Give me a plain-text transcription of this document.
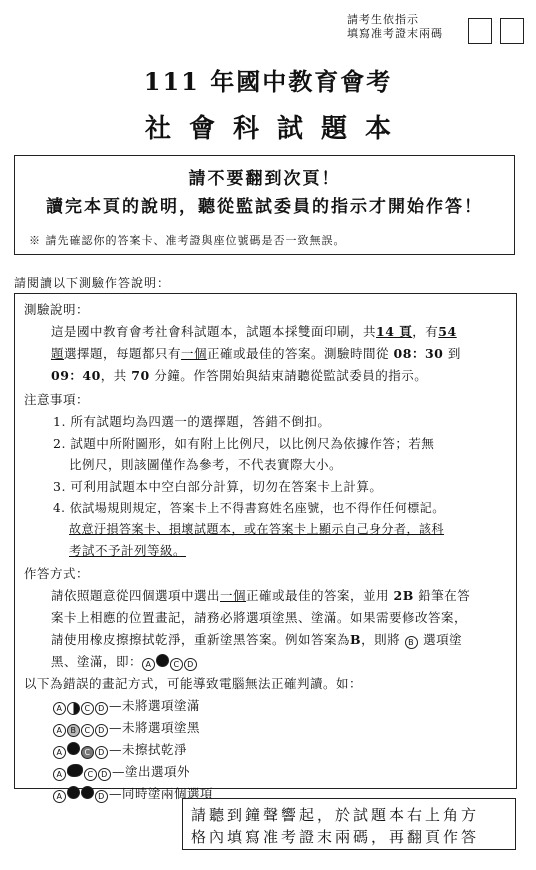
請考生依指示
填寫准考證末兩碼
111 年國中教育會考
社會科試題本
請不要翻到次頁！
讀完本頁的說明，聽從監試委員的指示才開始作答！
※ 請先確認你的答案卡、准考證與座位號碼是否一致無誤。
請閱讀以下測驗作答說明：
測驗說明：
這是國中教育會考社會科試題本，試題本採雙面印刷，共14 頁，有54
題選擇題，每題都只有一個正確或最佳的答案。測驗時間從 08：30 到
09：40，共 70 分鐘。作答開始與結束請聽從監試委員的指示。
注意事項：
1. 所有試題均為四選一的選擇題，答錯不倒扣。
2. 試題中所附圖形，如有附上比例尺，以比例尺為依據作答；若無
比例尺，則該圖僅作為參考，不代表實際大小。
3. 可利用試題本中空白部分計算，切勿在答案卡上計算。
4. 依試場規則規定，答案卡上不得書寫姓名座號，也不得作任何標記。
故意汙損答案卡、損壞試題本，或在答案卡上顯示自己身分者，該科
考試不予計列等級。
作答方式：
請依照題意從四個選項中選出一個正確或最佳的答案，並用 2B 鉛筆在答
案卡上相應的位置畫記，請務必將選項塗黑、塗滿。如果需要修改答案，
請使用橡皮擦擦拭乾淨，重新塗黑答案。例如答案為B，則將 B 選項塗
黑、塗滿，即： A	C D
以下為錯誤的畫記方式，可能導致電腦無法正確判讀。如：
A	C D —未將選項塗滿
A B C D —未將選項塗黑
A	C D —未擦拭乾淨
A	C D —塗出選項外
A	D —同時塗兩個選項
請聽到鐘聲響起，於試題本右上角方
格內填寫准考證末兩碼，再翻頁作答
